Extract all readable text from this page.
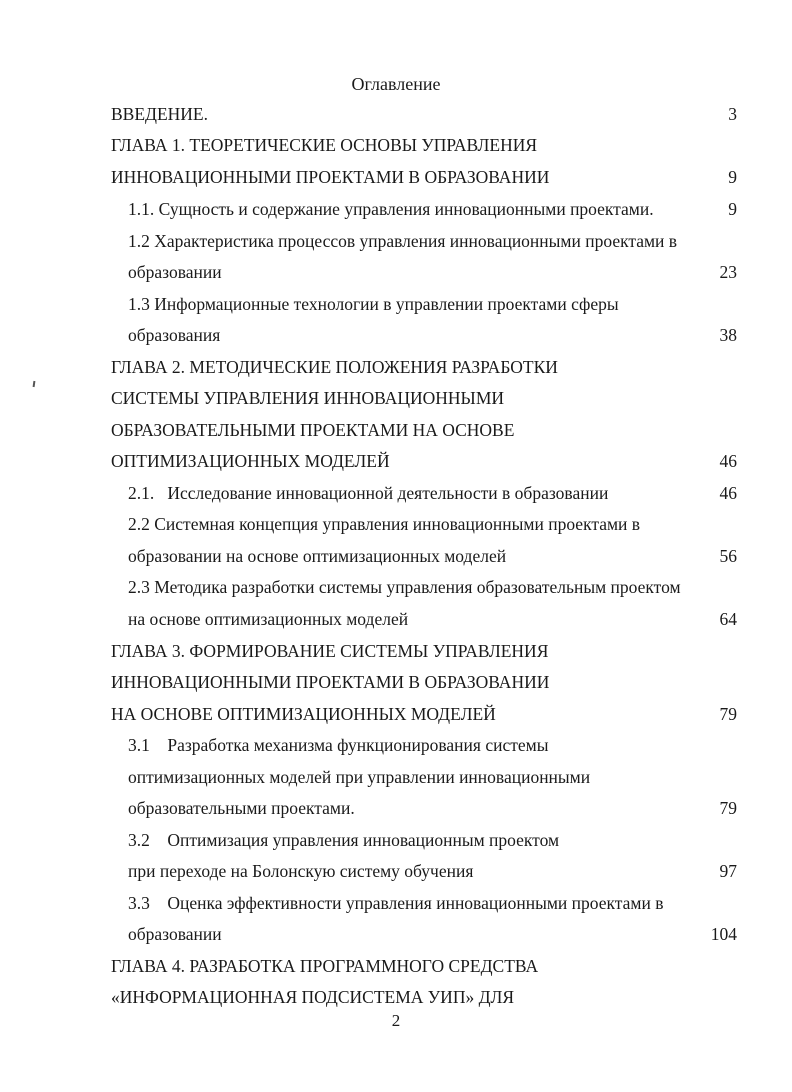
Оглавление
ВВЕДЕНИЕ.	3
ГЛАВА 1. ТЕОРЕТИЧЕСКИЕ ОСНОВЫ УПРАВЛЕНИЯ
ИННОВАЦИОННЫМИ ПРОЕКТАМИ В ОБРАЗОВАНИИ	9
1.1. Сущность и содержание управления инновационными проектами.	9
1.2 Характеристика процессов управления инновационными проектами в
образовании	23
1.3 Информационные технологии в управлении проектами сферы
образования	38
ГЛАВА 2. МЕТОДИЧЕСКИЕ ПОЛОЖЕНИЯ РАЗРАБОТКИ
СИСТЕМЫ УПРАВЛЕНИЯ ИННОВАЦИОННЫМИ
ОБРАЗОВАТЕЛЬНЫМИ ПРОЕКТАМИ НА ОСНОВЕ
ОПТИМИЗАЦИОННЫХ МОДЕЛЕЙ	46
2.1.   Исследование инновационной деятельности в образовании	46
2.2 Системная концепция управления инновационными проектами в
образовании на основе оптимизационных моделей	56
2.3 Методика разработки системы управления образовательным проектом
на основе оптимизационных моделей	64
ГЛАВА 3. ФОРМИРОВАНИЕ СИСТЕМЫ УПРАВЛЕНИЯ
ИННОВАЦИОННЫМИ ПРОЕКТАМИ В ОБРАЗОВАНИИ
НА ОСНОВЕ ОПТИМИЗАЦИОННЫХ МОДЕЛЕЙ	79
3.1    Разработка механизма функционирования системы
оптимизационных моделей при управлении инновационными
образовательными проектами.	79
3.2    Оптимизация управления инновационным проектом
при переходе на Болонскую систему обучения	97
3.3    Оценка эффективности управления инновационными проектами в
образовании	104
ГЛАВА 4. РАЗРАБОТКА ПРОГРАММНОГО СРЕДСТВА
«ИНФОРМАЦИОННАЯ ПОДСИСТЕМА УИП» ДЛЯ
2
